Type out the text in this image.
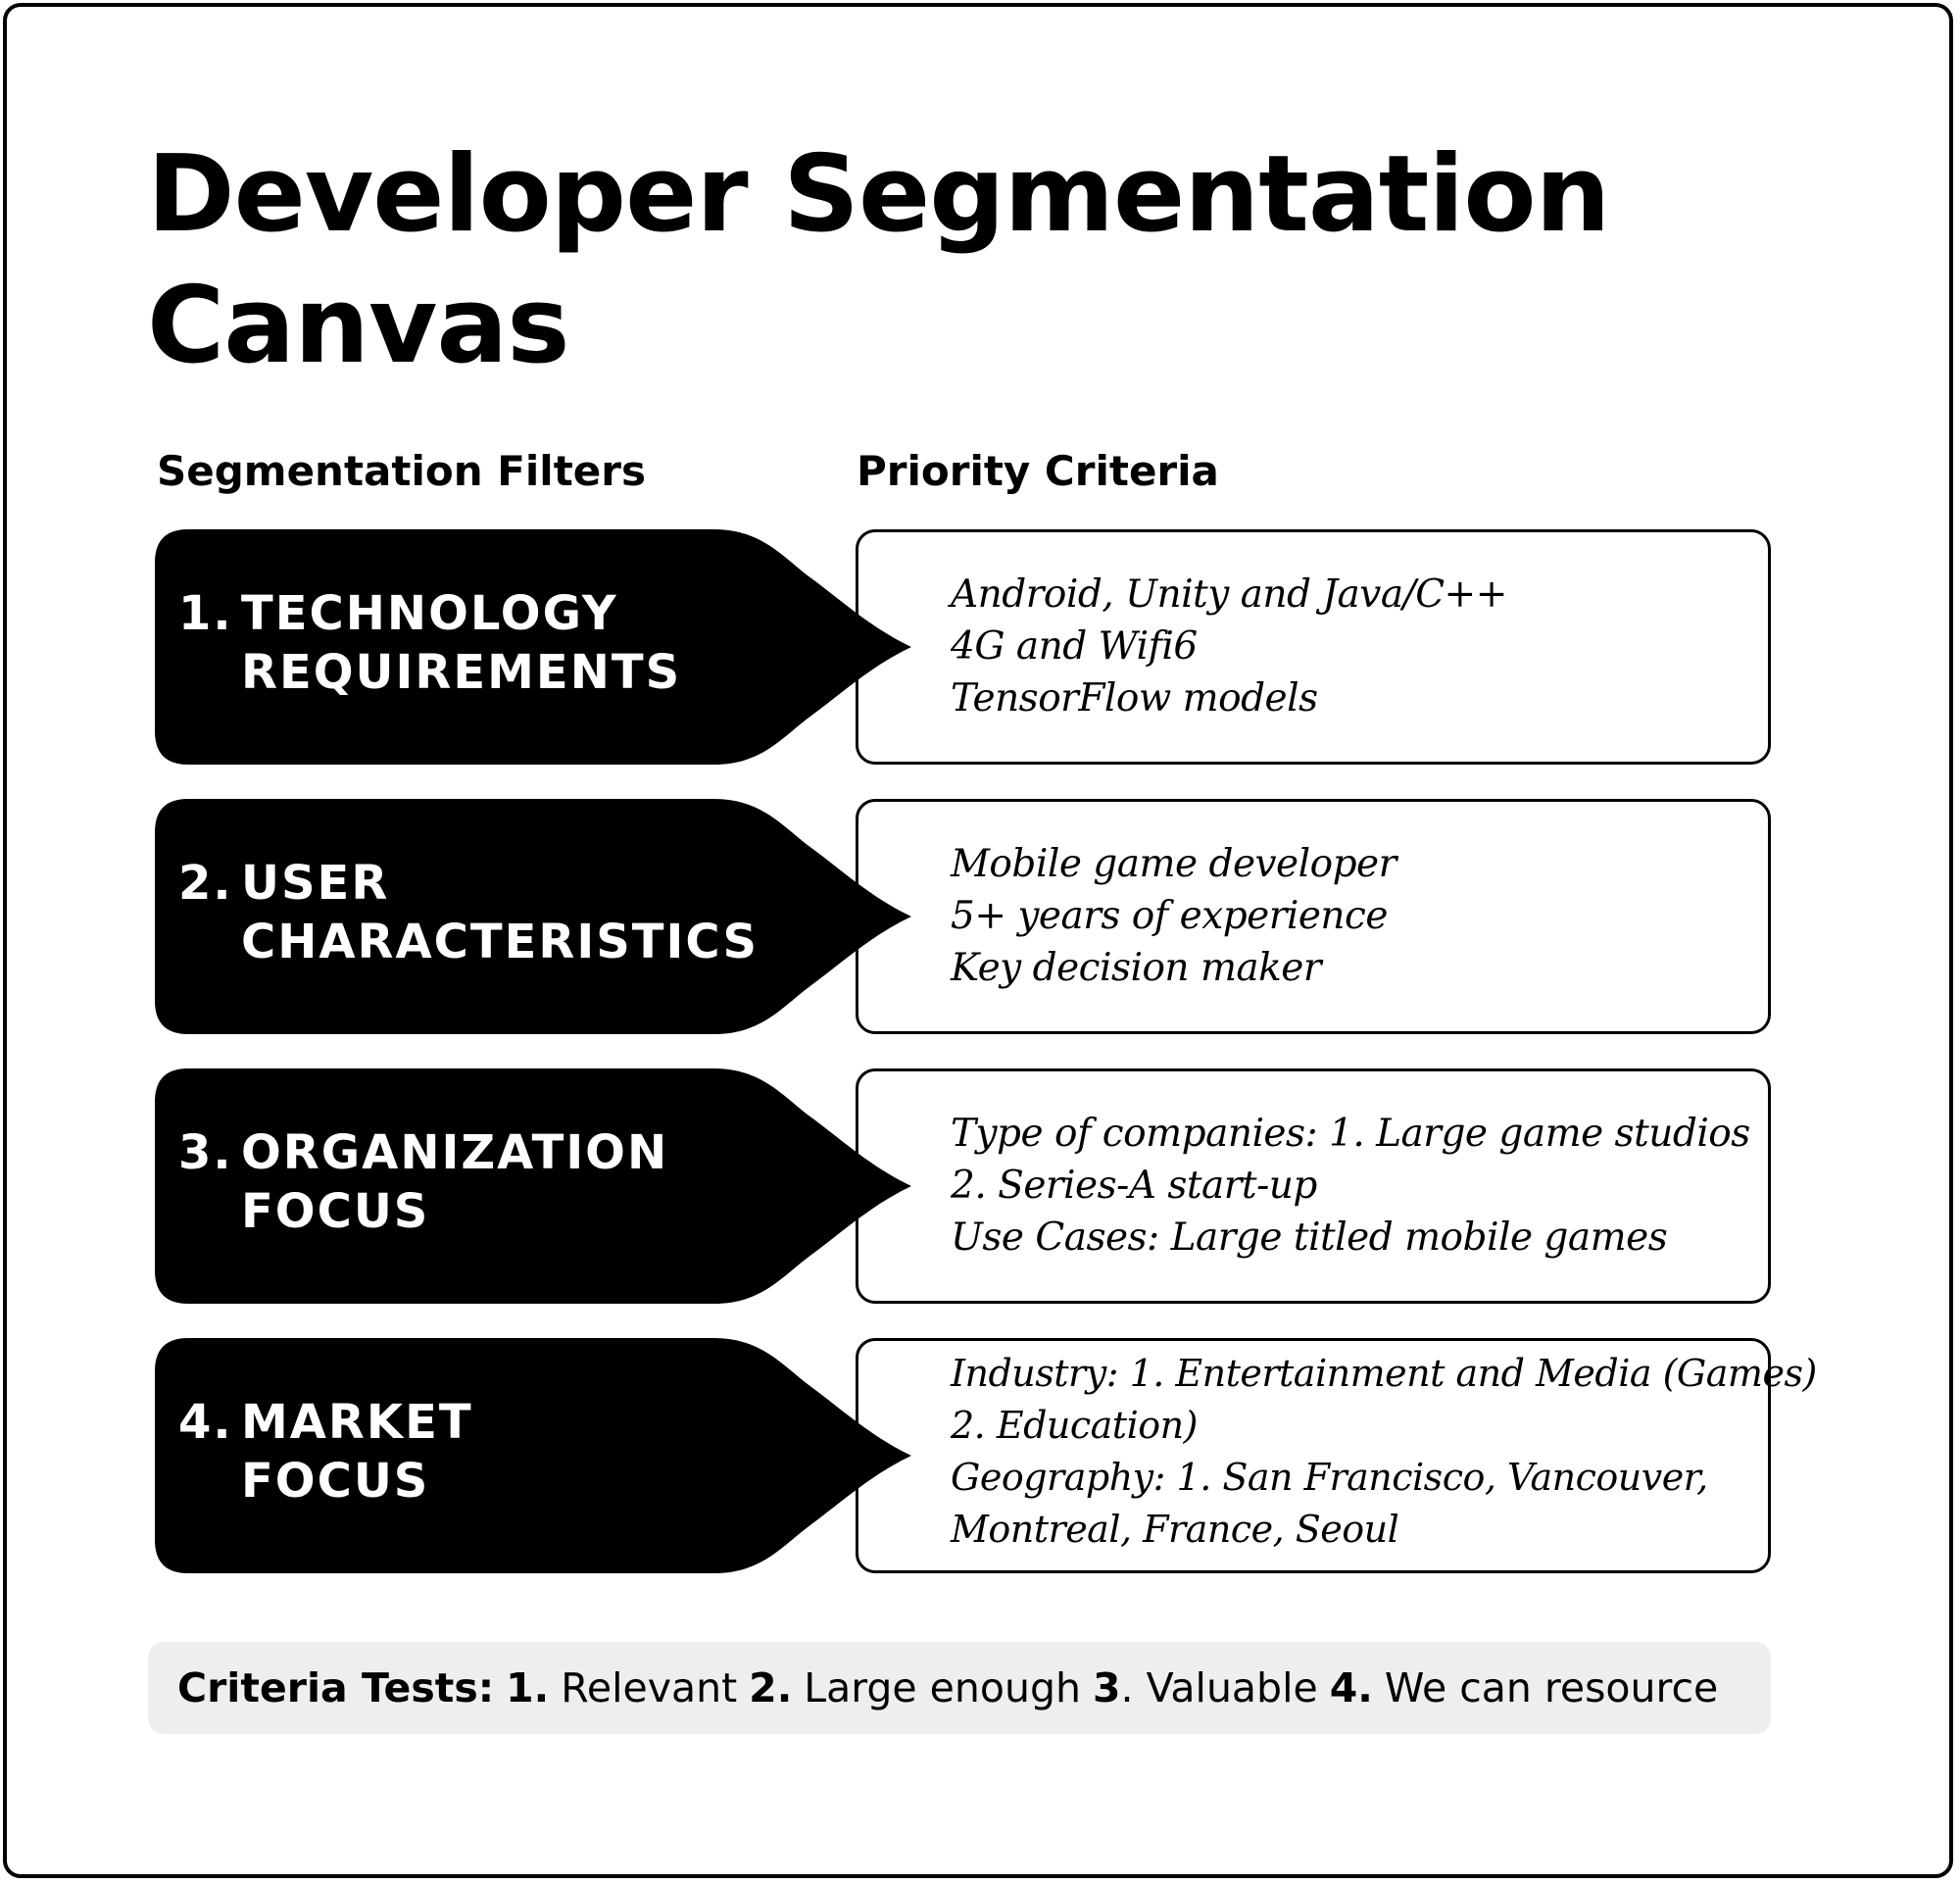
Developer Segmentation
Canvas
Segmentation Filters	Priority Criteria
1. TECHNOLOGY
REQUIREMENTS
Android, Unity and Java/C++
4G and Wifi6
TensorFlow models
2. USER
CHARACTERISTICS
Mobile game developer
5+ years of experience
Key decision maker
3. ORGANIZATION
FOCUS
Type of companies: 1. Large game studios
2. Series-A start-up
Use Cases: Large titled mobile games
4. MARKET
FOCUS
Industry: 1. Entertainment and Media (Games)
2. Education)
Geography: 1. San Francisco, Vancouver,
Montreal, France, Seoul
Criteria Tests: 1. Relevant 2. Large enough 3 . Valuable 4. We can resource
